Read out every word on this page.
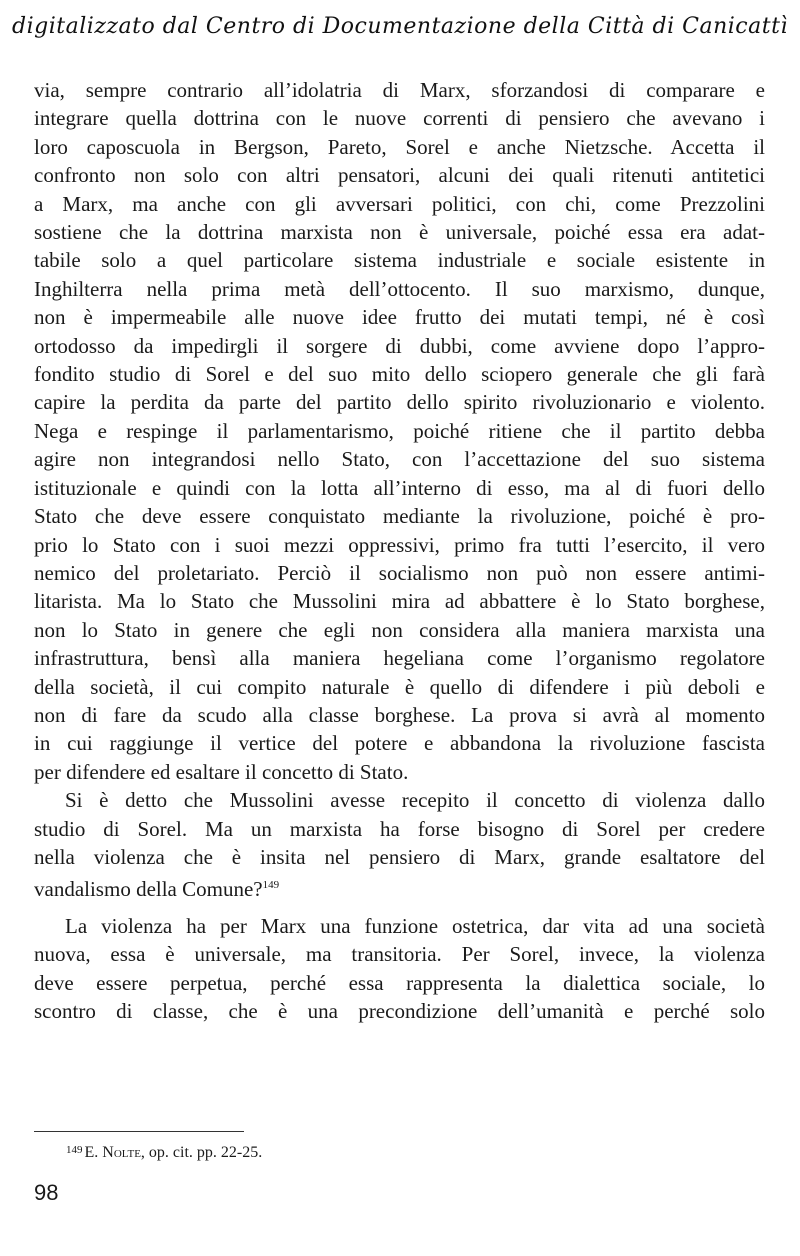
digitalizzato dal Centro di Documentazione della Città di Canicattì
via, sempre contrario all’idolatria di Marx, sforzandosi di comparare e
integrare quella dottrina con le nuove correnti di pensiero che avevano i
loro caposcuola in Bergson, Pareto, Sorel e anche Nietzsche. Accetta il
confronto non solo con altri pensatori, alcuni dei quali ritenuti antitetici
a Marx, ma anche con gli avversari politici, con chi, come Prezzolini
sostiene che la dottrina marxista non è universale, poiché essa era adat-
tabile solo a quel particolare sistema industriale e sociale esistente in
Inghilterra nella prima metà dell’ottocento. Il suo marxismo, dunque,
non è impermeabile alle nuove idee frutto dei mutati tempi, né è così
ortodosso da impedirgli il sorgere di dubbi, come avviene dopo l’appro-
fondito studio di Sorel e del suo mito dello sciopero generale che gli farà
capire la perdita da parte del partito dello spirito rivoluzionario e violento.
Nega e respinge il parlamentarismo, poiché ritiene che il partito debba
agire non integrandosi nello Stato, con l’accettazione del suo sistema
istituzionale e quindi con la lotta all’interno di esso, ma al di fuori dello
Stato che deve essere conquistato mediante la rivoluzione, poiché è pro-
prio lo Stato con i suoi mezzi oppressivi, primo fra tutti l’esercito, il vero
nemico del proletariato. Perciò il socialismo non può non essere antimi-
litarista. Ma lo Stato che Mussolini mira ad abbattere è lo Stato borghese,
non lo Stato in genere che egli non considera alla maniera marxista una
infrastruttura, bensì alla maniera hegeliana come l’organismo regolatore
della società, il cui compito naturale è quello di difendere i più deboli e
non di fare da scudo alla classe borghese. La prova si avrà al momento
in cui raggiunge il vertice del potere e abbandona la rivoluzione fascista
per difendere ed esaltare il concetto di Stato.
Si è detto che Mussolini avesse recepito il concetto di violenza dallo
studio di Sorel. Ma un marxista ha forse bisogno di Sorel per credere
nella violenza che è insita nel pensiero di Marx, grande esaltatore del
vandalismo della Comune?$^{149}$
La violenza ha per Marx una funzione ostetrica, dar vita ad una società
nuova, essa è universale, ma transitoria. Per Sorel, invece, la violenza
deve essere perpetua, perché essa rappresenta la dialettica sociale, lo
scontro di classe, che è una precondizione dell’umanità e perché solo
$^{149}$ E. Nolte, op. cit. pp. 22-25.
98
